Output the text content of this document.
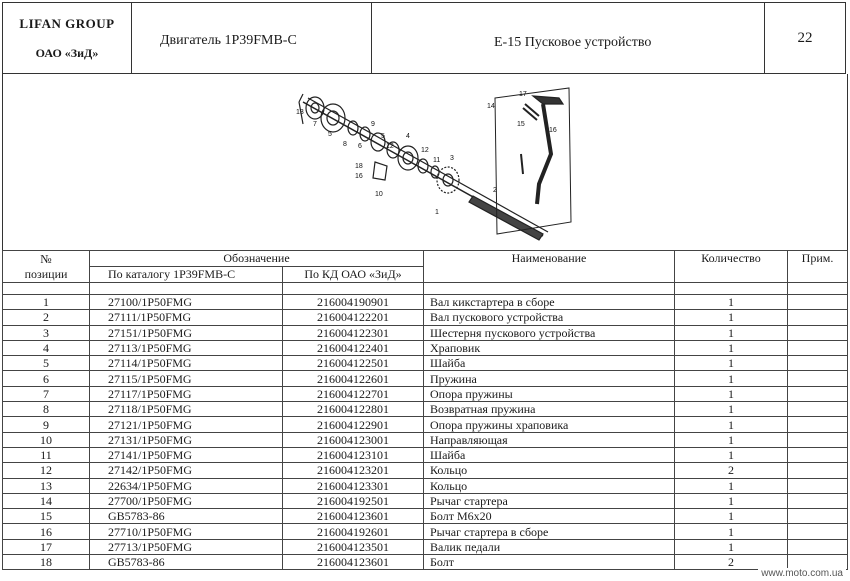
LIFAN GROUP
ОАО «ЗиД»
	Двигатель 1Р39FMB-C	Е-15 Пусковое устройство	22
13
7
5
8 6
9
5
12
4
12
11 3
2
1
18
16
10
14
17
15
16
№
позиции	Обозначение		Наименование	Количество	Прим.
	По каталогу 1Р39FMB-C	По КД ОАО «ЗиД»			

1	27100/1P50FMG	216004190901	Вал кикстартера в сборе	1	
2	27111/1P50FMG	216004122201	Вал пускового устройства	1	
3	27151/1P50FMG	216004122301	Шестерня пускового устройства	1	
4	27113/1P50FMG	216004122401	Храповик	1	
5	27114/1P50FMG	216004122501	Шайба	1	
6	27115/1P50FMG	216004122601	Пружина	1	
7	27117/1P50FMG	216004122701	Опора пружины	1	
8	27118/1P50FMG	216004122801	Возвратная пружина	1	
9	27121/1P50FMG	216004122901	Опора пружины храповика	1	
10	27131/1P50FMG	216004123001	Направляющая	1	
11	27141/1P50FMG	216004123101	Шайба	1	
12	27142/1P50FMG	216004123201	Кольцо	2	
13	22634/1P50FMG	216004123301	Кольцо	1	
14	27700/1P50FMG	216004192501	Рычаг стартера	1	
15	GB5783-86	216004123601	Болт М6х20	1	
16	27710/1P50FMG	216004192601	Рычаг стартера в сборе	1	
17	27713/1P50FMG	216004123501	Валик педали	1	
18	GB5783-86	216004123601	Болт	2	
www.moto.com.ua
